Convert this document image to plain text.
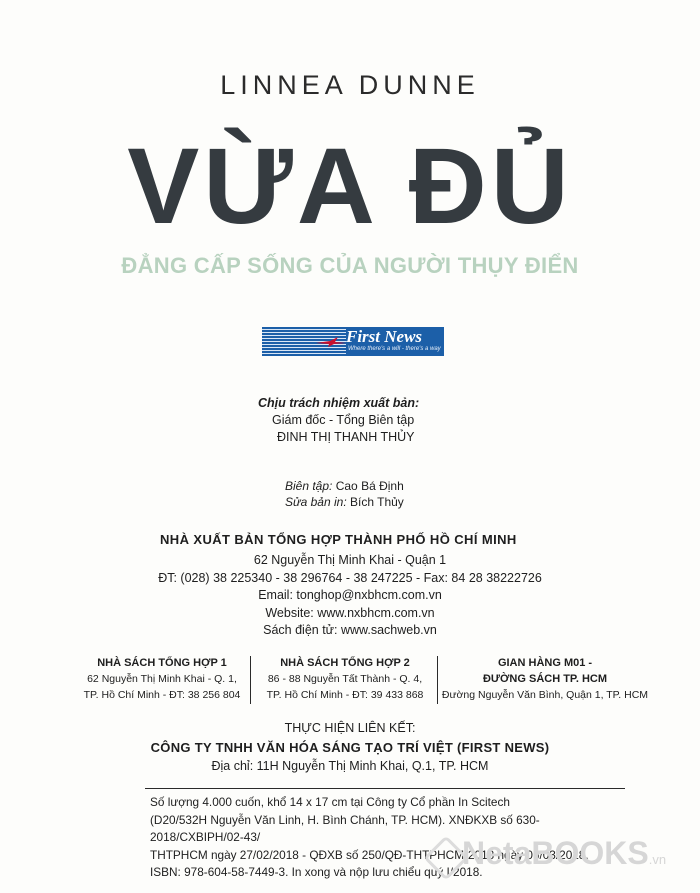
LINNEA DUNNE
VỪA ĐỦ
ĐẲNG CẤP SỐNG CỦA NGƯỜI THỤY ĐIỂN
First News
Where there's a will - there's a way
Chịu trách nhiệm xuất bản:
Giám đốc - Tổng Biên tập
ĐINH THỊ THANH THỦY
Biên tập: Cao Bá Định
Sửa bản in: Bích Thủy
NHÀ XUẤT BẢN TỔNG HỢP THÀNH PHỐ HỒ CHÍ MINH
62 Nguyễn Thị Minh Khai - Quận 1
ĐT: (028) 38 225340 - 38 296764 - 38 247225 - Fax: 84 28 38222726
Email: tonghop@nxbhcm.com.vn
Website: www.nxbhcm.com.vn
Sách điện tử: www.sachweb.vn
NHÀ SÁCH TỔNG HỢP 1
62 Nguyễn Thị Minh Khai - Q. 1,
TP. Hồ Chí Minh - ĐT: 38 256 804
NHÀ SÁCH TỔNG HỢP 2
86 - 88 Nguyễn Tất Thành - Q. 4,
TP. Hồ Chí Minh - ĐT: 39 433 868
GIAN HÀNG M01 -
ĐƯỜNG SÁCH TP. HCM
Đường Nguyễn Văn Bình, Quận 1, TP. HCM
THỰC HIỆN LIÊN KẾT:
CÔNG TY TNHH VĂN HÓA SÁNG TẠO TRÍ VIỆT (FIRST NEWS)
Địa chỉ: 11H Nguyễn Thị Minh Khai, Q.1, TP. HCM
Số lượng 4.000 cuốn, khổ 14 x 17 cm tại Công ty Cổ phần In Scitech
(D20/532H Nguyễn Văn Linh, H. Bình Chánh, TP. HCM). XNĐKXB số 630-2018/CXBIPH/02-43/
THTPHCM ngày 27/02/2018 - QĐXB số 250/QĐ-THTPHCM-2018 ngày 06/03/2018.
ISBN: 978-604-58-7449-3. In xong và nộp lưu chiểu quý I/2018.
NetaBOOKS.vn
